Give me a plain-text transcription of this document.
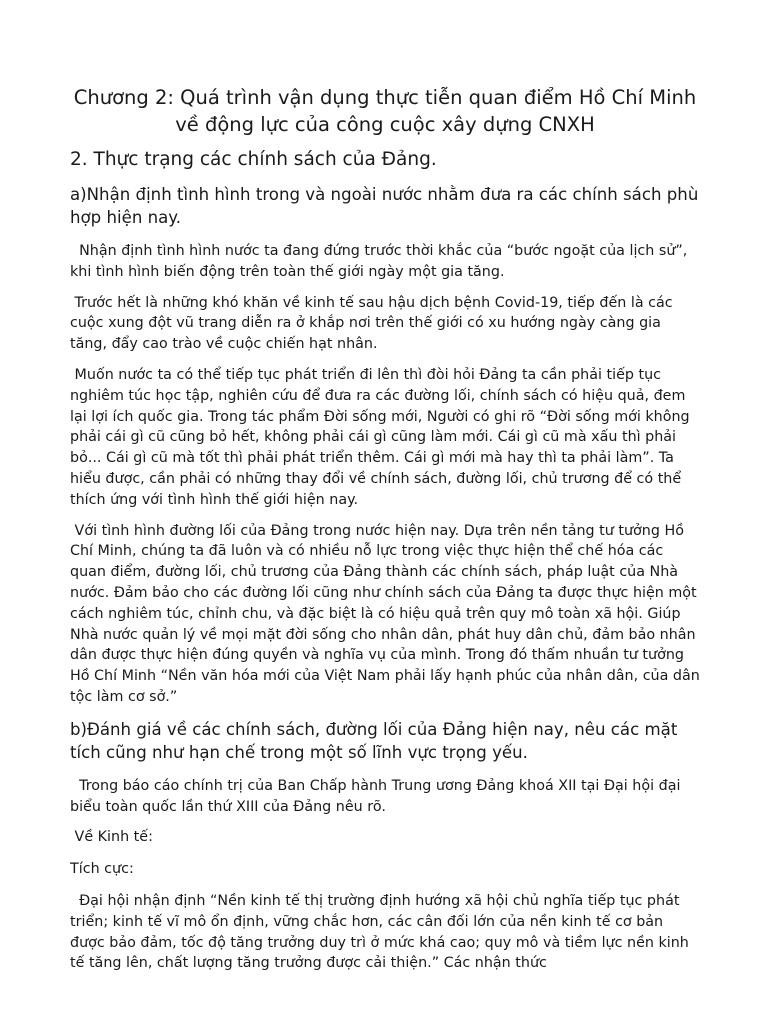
Chương 2: Quá trình vận dụng thực tiễn quan điểm Hồ Chí Minh về động lực của công cuộc xây dựng CNXH
2. Thực trạng các chính sách của Đảng.
a)Nhận định tình hình trong và ngoài nước nhằm đưa ra các chính sách phù hợp hiện nay.

Nhận định tình hình nước ta đang đứng trước thời khắc của “bước ngoặt của lịch sử”, khi tình hình biến động trên toàn thế giới ngày một gia tăng.

Trước hết là những khó khăn về kinh tế sau hậu dịch bệnh Covid-19, tiếp đến là các cuộc xung đột vũ trang diễn ra ở khắp nơi trên thế giới có xu hướng ngày càng gia tăng, đẩy cao trào về cuộc chiến hạt nhân.

Muốn nước ta có thể tiếp tục phát triển đi lên thì đòi hỏi Đảng ta cần phải tiếp tục nghiêm túc học tập, nghiên cứu để đưa ra các đường lối, chính sách có hiệu quả, đem lại lợi ích quốc gia. Trong tác phẩm Đời sống mới, Người có ghi rõ “Đời sống mới không phải cái gì cũ cũng bỏ hết, không phải cái gì cũng làm mới. Cái gì cũ mà xấu thì phải bỏ... Cái gì cũ mà tốt thì phải phát triển thêm. Cái gì mới mà hay thì ta phải làm”. Ta hiểu được, cần phải có những thay đổi về chính sách, đường lối, chủ trương để có thể thích ứng với tình hình thế giới hiện nay.

Với tình hình đường lối của Đảng trong nước hiện nay. Dựa trên nền tảng tư tưởng Hồ Chí Minh, chúng ta đã luôn và có nhiều nỗ lực trong việc thực hiện thể chế hóa các quan điểm, đường lối, chủ trương của Đảng thành các chính sách, pháp luật của Nhà nước. Đảm bảo cho các đường lối cũng như chính sách của Đảng ta được thực hiện một cách nghiêm túc, chỉnh chu, và đặc biệt là có hiệu quả trên quy mô toàn xã hội. Giúp Nhà nước quản lý về mọi mặt đời sống cho nhân dân, phát huy dân chủ, đảm bảo nhân dân được thực hiện đúng quyền và nghĩa vụ của mình. Trong đó thấm nhuần tư tưởng Hồ Chí Minh “Nền văn hóa mới của Việt Nam phải lấy hạnh phúc của nhân dân, của dân tộc làm cơ sở.”

b)Đánh giá về các chính sách, đường lối của Đảng hiện nay, nêu các mặt tích cũng như hạn chế trong một số lĩnh vực trọng yếu.

Trong báo cáo chính trị của Ban Chấp hành Trung ương Đảng khoá XII tại Đại hội đại biểu toàn quốc lần thứ XIII của Đảng nêu rõ.

Về Kinh tế:

Tích cực:

Đại hội nhận định “Nền kinh tế thị trường định hướng xã hội chủ nghĩa tiếp tục phát triển; kinh tế vĩ mô ổn định, vững chắc hơn, các cân đối lớn của nền kinh tế cơ bản được bảo đảm, tốc độ tăng trưởng duy trì ở mức khá cao; quy mô và tiềm lực nền kinh tế tăng lên, chất lượng tăng trưởng được cải thiện.” Các nhận thức
